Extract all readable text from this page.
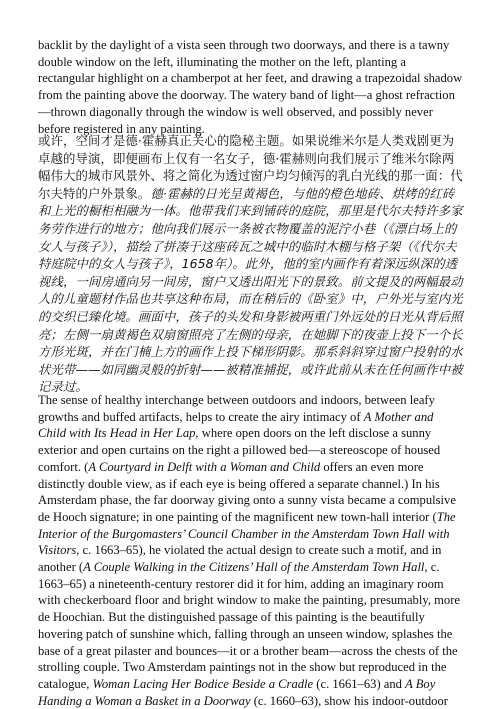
backlit by the daylight of a vista seen through two doorways, and there is a tawny double window on the left, illuminating the mother on the left, planting a rectangular highlight on a chamberpot at her feet, and drawing a trapezoidal shadow from the painting above the doorway. The watery band of light—a ghost refraction—thrown diagonally through the window is well observed, and possibly never before registered in any painting.

或许，空间才是德·霍赫真正关心的隐秘主题。如果说维米尔是人类戏剧更为卓越的导演，即便画布上仅有一名女子，德·霍赫则向我们展示了维米尔除两幅伟大的城市风景外、将之简化为透过窗户均匀倾泻的乳白光线的那一面：代尔夫特的户外景象。德·霍赫的日光呈黄褐色，与他的橙色地砖、烘烤的红砖和上光的橱柜相融为一体。他带我们来到铺砖的庭院，那里是代尔夫特许多家务劳作进行的地方；他向我们展示一条被衣物覆盖的泥泞小巷（《漂白场上的女人与孩子》），描绘了拼凑于这座砖瓦之城中的临时木棚与格子架（《代尔夫特庭院中的女人与孩子》，1658年）。此外，他的室内画作有着深远纵深的透视线，一间房通向另一间房，窗户又透出阳光下的景致。前文提及的两幅最动人的儿童题材作品也共享这种布局，而在稍后的《卧室》中，户外光与室内光的交织已臻化境。画面中，孩子的头发和身影被两重门外远处的日光从背后照亮；左侧一扇黄褐色双扇窗照亮了左侧的母亲，在她脚下的夜壶上投下一个长方形光斑，并在门楠上方的画作上投下梯形阴影。那系斜斜穿过窗户投射的水状光带——如同幽灵般的折射——被精准捕捉，或许此前从未在任何画作中被记录过。

The sense of healthy interchange between outdoors and indoors, between leafy growths and buffed artifacts, helps to create the airy intimacy of A Mother and Child with Its Head in Her Lap, where open doors on the left disclose a sunny exterior and open curtains on the right a pillowed bed—a stereoscope of housed comfort. (A Courtyard in Delft with a Woman and Child offers an even more distinctly double view, as if each eye is being offered a separate channel.) In his Amsterdam phase, the far doorway giving onto a sunny vista became a compulsive de Hooch signature; in one painting of the magnificent new town-hall interior (The Interior of the Burgomasters’ Council Chamber in the Amsterdam Town Hall with Visitors, c. 1663–65), he violated the actual design to create such a motif, and in another (A Couple Walking in the Citizens’ Hall of the Amsterdam Town Hall, c. 1663–65) a nineteenth-century restorer did it for him, adding an imaginary room with checkerboard floor and bright window to make the painting, presumably, more de Hoochian. But the distinguished passage of this painting is the beautifully hovering patch of sunshine which, falling through an unseen window, splashes the base of a great pilaster and bounces—it or a brother beam—across the chests of the strolling couple. Two Amsterdam paintings not in the show but reproduced in the catalogue, Woman Lacing Her Bodice Beside a Cradle (c. 1661–63) and A Boy Handing a Woman a Basket in a Doorway (c. 1660–63), show his indoor-outdoor
